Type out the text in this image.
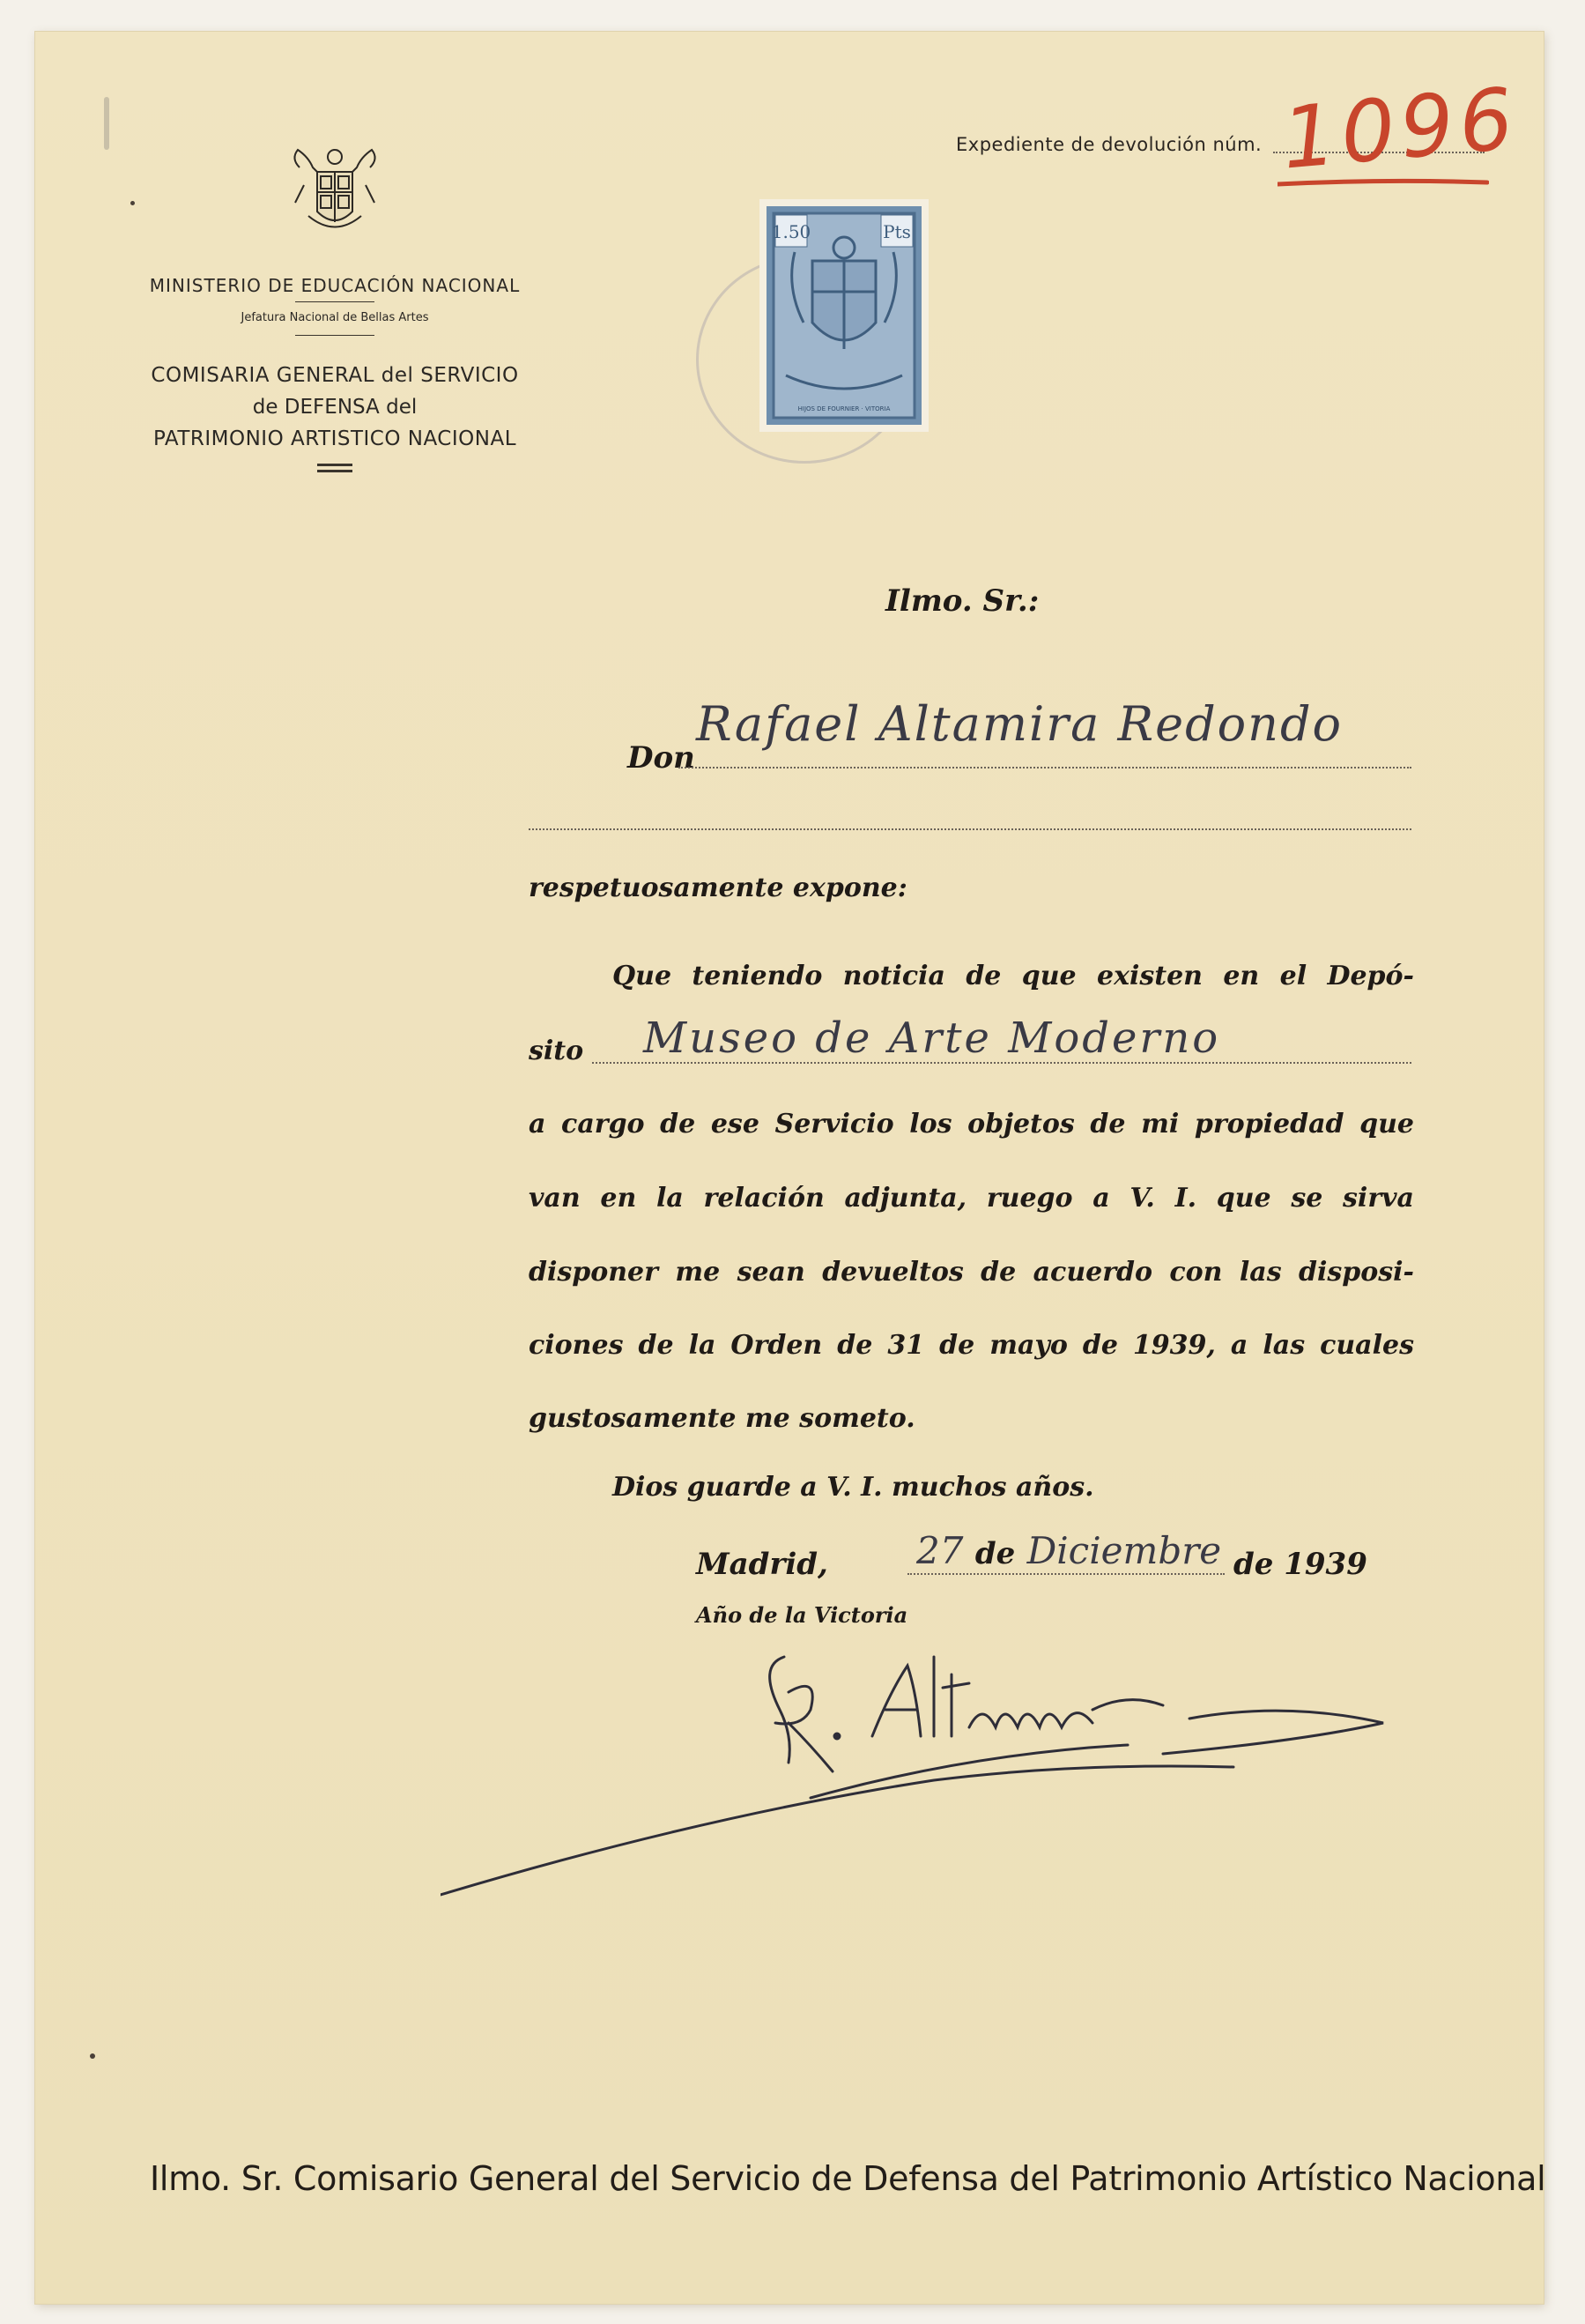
MINISTERIO DE EDUCACIÓN NACIONAL
Jefatura Nacional de Bellas Artes
COMISARIA GENERAL del SERVICIO
de DEFENSA del
PATRIMONIO ARTISTICO NACIONAL
Expediente de devolución núm. 1096
1.50	Pts
HIJOS DE FOURNIER · VITORIA
Ilmo. Sr.:
Don
Rafael Altamira Redondo
respetuosamente expone:
Que teniendo noticia de que existen en el Depó-
sito	Museo de Arte Moderno
a cargo de ese Servicio los objetos de mi propiedad que
van en la relación adjunta, ruego a V. I. que se sirva
disponer me sean devueltos de acuerdo con las disposi-
ciones de la Orden de 31 de mayo de 1939, a las cuales
gustosamente me someto.
Dios guarde a V. I. muchos años.
Madrid, 27 de Diciembre de 1939
Año de la Victoria
Ilmo. Sr. Comisario General del Servicio de Defensa del Patrimonio Artístico Nacional
